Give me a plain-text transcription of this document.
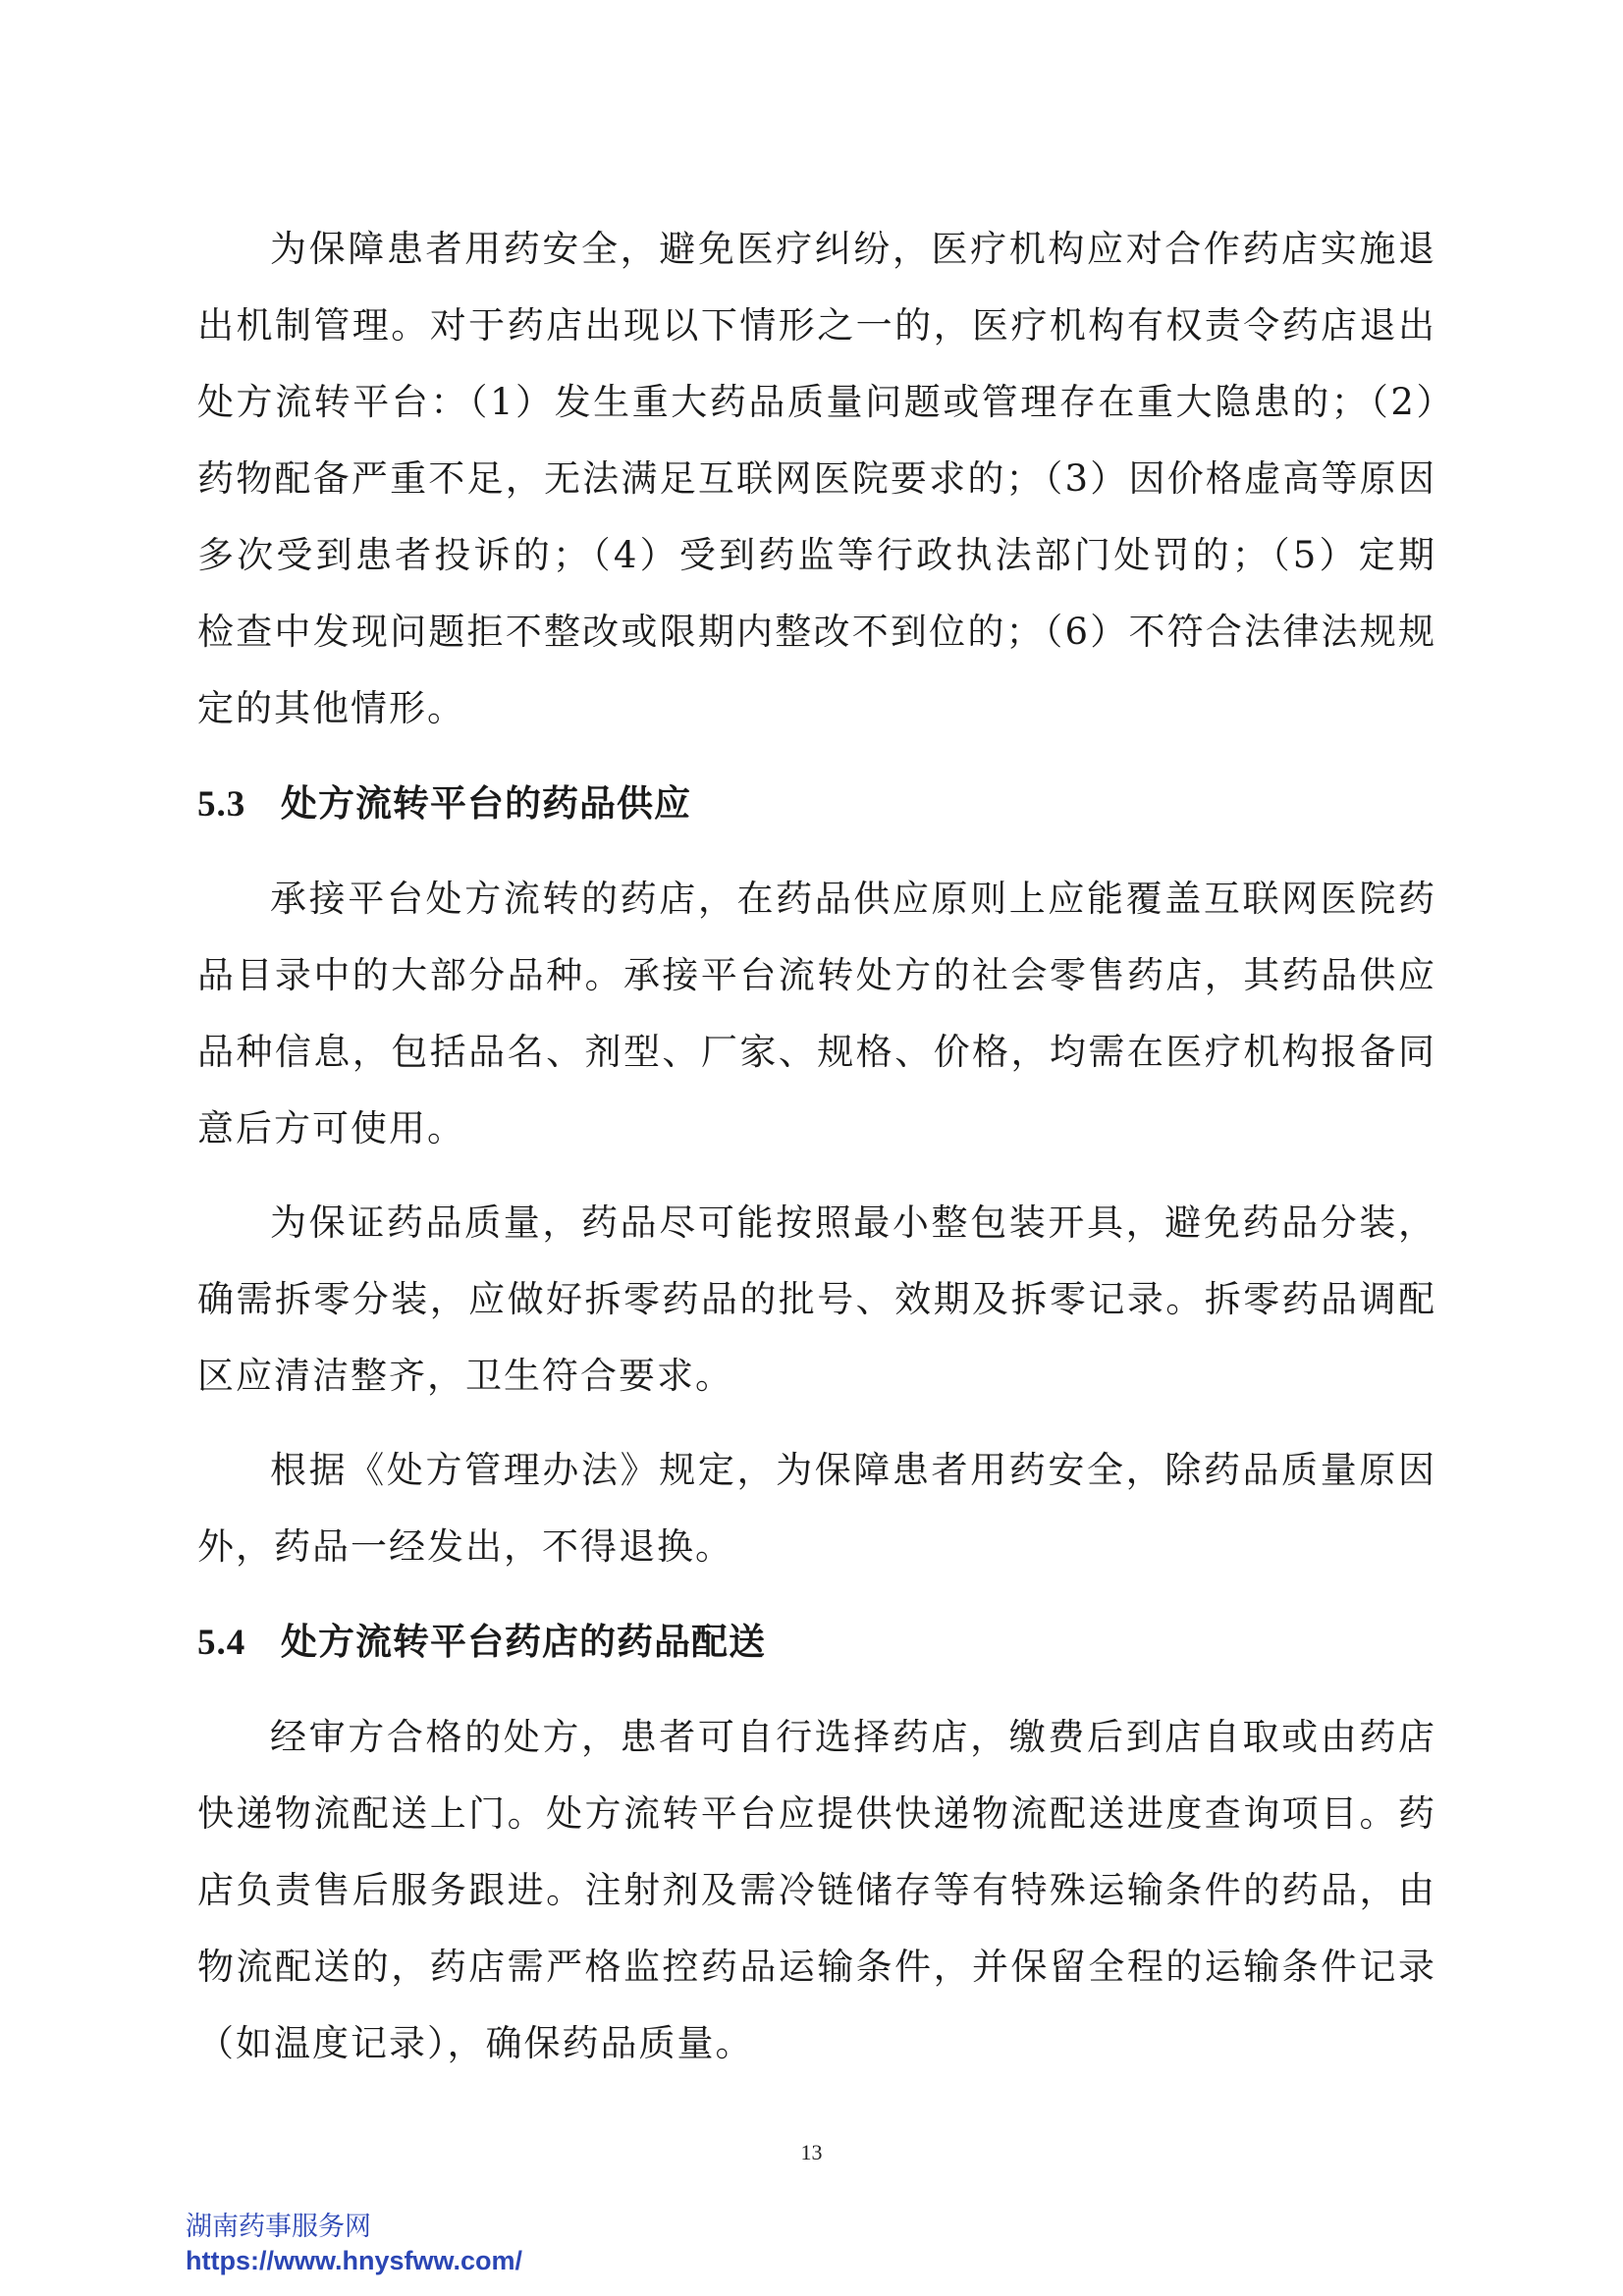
为保障患者用药安全，避免医疗纠纷，医疗机构应对合作药店实施退出机制管理。对于药店出现以下情形之一的，医疗机构有权责令药店退出处方流转平台：（1）发生重大药品质量问题或管理存在重大隐患的；（2）药物配备严重不足，无法满足互联网医院要求的；（3）因价格虚高等原因多次受到患者投诉的；（4）受到药监等行政执法部门处罚的；（5）定期检查中发现问题拒不整改或限期内整改不到位的；（6）不符合法律法规规定的其他情形。

5.3 处方流转平台的药品供应

承接平台处方流转的药店，在药品供应原则上应能覆盖互联网医院药品目录中的大部分品种。承接平台流转处方的社会零售药店，其药品供应品种信息，包括品名、剂型、厂家、规格、价格，均需在医疗机构报备同意后方可使用。

为保证药品质量，药品尽可能按照最小整包装开具，避免药品分装，确需拆零分装，应做好拆零药品的批号、效期及拆零记录。拆零药品调配区应清洁整齐，卫生符合要求。

根据《处方管理办法》规定，为保障患者用药安全，除药品质量原因外，药品一经发出，不得退换。

5.4 处方流转平台药店的药品配送

经审方合格的处方，患者可自行选择药店，缴费后到店自取或由药店快递物流配送上门。处方流转平台应提供快递物流配送进度查询项目。药店负责售后服务跟进。注射剂及需冷链储存等有特殊运输条件的药品，由物流配送的，药店需严格监控药品运输条件，并保留全程的运输条件记录（如温度记录），确保药品质量。

13
湖南药事服务网
https://www.hnysfww.com/
